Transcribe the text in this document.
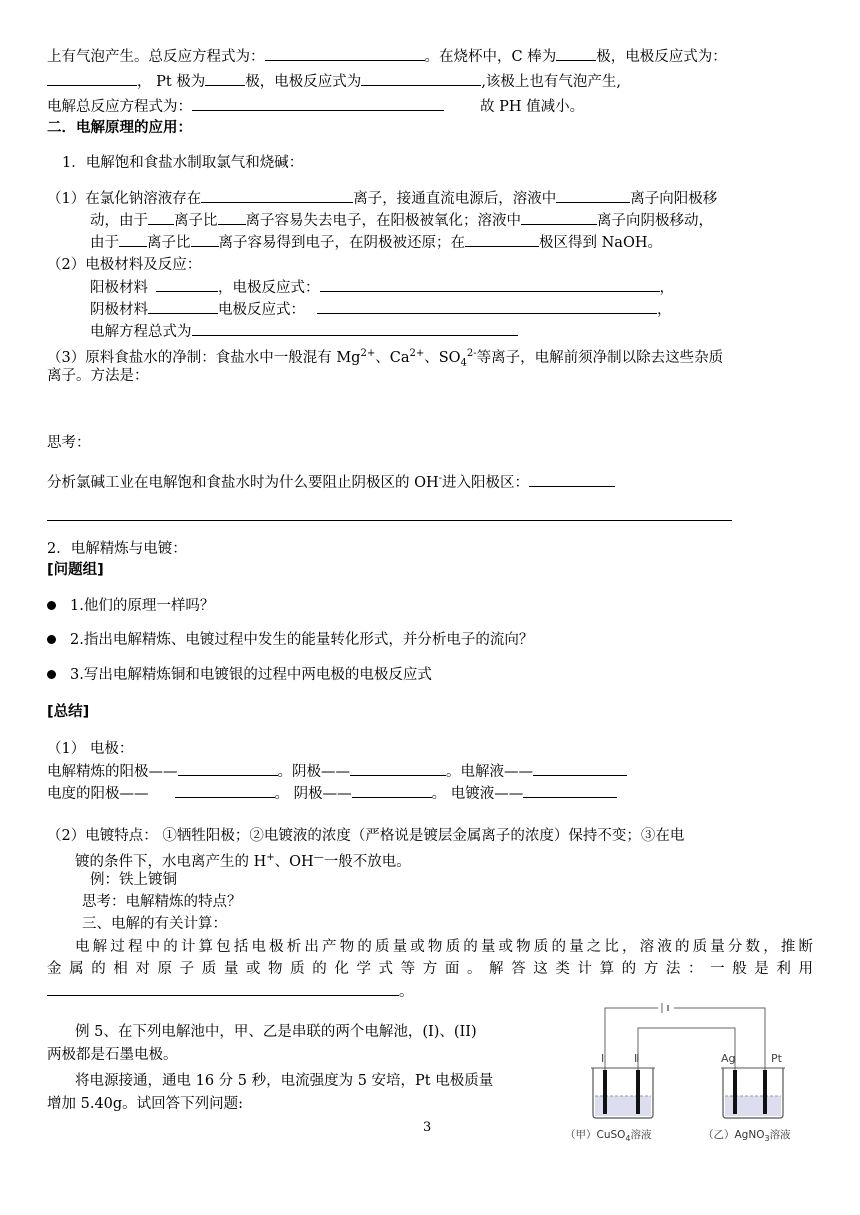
上有气泡产生。总反应方程式为：	。在烧杯中，C 棒为	极，电极反应式为：
， Pt 极为	极，电极反应式为	,该极上也有气泡产生,
电解总反应方程式为：	故 PH 值减小。
二．电解原理的应用：
1．电解饱和食盐水制取氯气和烧碱：
（1）在氯化钠溶液存在	离子，接通直流电源后，溶液中	离子向阳极移
动，由于 离子比 离子容易失去电子，在阳极被氧化；溶液中	离子向阴极移动，
由于 离子比 离子容易得到电子，在阴极被还原；在	极区得到 NaOH。
（2）电极材料及反应：
阳极材料	，电极反应式：	，
阴极材料	电极反应式：	，
电解方程总式为
（3）原料食盐水的净制：食盐水中一般混有 $Mg^{2+}$、$Ca^{2+}$、$SO_4^{2-}$等离子，电解前须净制以除去这些杂质
离子。方法是：
思考：
分析氯碱工业在电解饱和食盐水时为什么要阻止阴极区的 OH-进入阳极区：
2．电解精炼与电镀：
[问题组]
1.他们的原理一样吗？
2.指出电解精炼、电镀过程中发生的能量转化形式，并分析电子的流向？
3.写出电解精炼铜和电镀银的过程中两电极的电极反应式
[总结]
（1） 电极：
电解精炼的阳极——	。阴极——	。电解液——
电度的阳极——	。 阴极——	。 电镀液——
（2）电镀特点： ①牺牲阳极；②电镀液的浓度（严格说是镀层金属离子的浓度）保持不变；③在电
镀的条件下，水电离产生的 H+、OH—一般不放电。
例：铁上镀铜
思考：电解精炼的特点？
三、电解的有关计算：
电解过程中的计算包括电极析出产物的质量或物质的量或物质的量之比，溶液的质量分数，推断
金属的相对原子质量或物质的化学式等方面。解答这类计算的方法：一般是利用
。
例 5、在下列电解池中，甲、乙是串联的两个电解池，(I)、(II)
两极都是石墨电极。
将电源接通，通电 16 分 5 秒，电流强度为 5 安培，Pt 电极质量
增加 5.40g。试回答下列问题:
3
Ⅰ	Ⅱ	Ag	Pt
（甲）CuSO$_4$溶液	（乙）AgNO$_3$溶液
